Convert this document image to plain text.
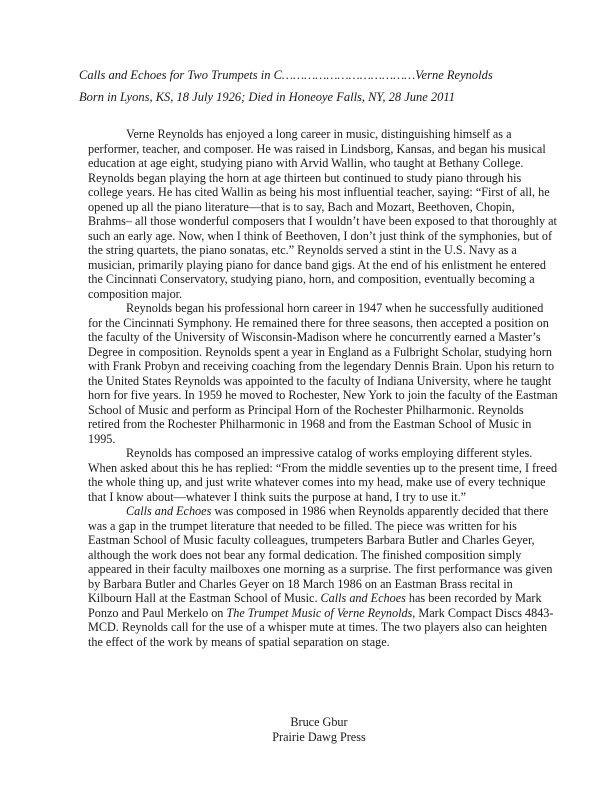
Calls and Echoes for Two Trumpets in C………………………………Verne Reynolds
Born in Lyons, KS, 18 July 1926; Died in Honeoye Falls, NY, 28 June 2011

Verne Reynolds has enjoyed a long career in music, distinguishing himself as a performer, teacher, and composer. He was raised in Lindsborg, Kansas, and began his musical education at age eight, studying piano with Arvid Wallin, who taught at Bethany College. Reynolds began playing the horn at age thirteen but continued to study piano through his college years. He has cited Wallin as being his most influential teacher, saying: “First of all, he opened up all the piano literature—that is to say, Bach and Mozart, Beethoven, Chopin, Brahms– all those wonderful composers that I wouldn’t have been exposed to that thoroughly at such an early age. Now, when I think of Beethoven, I don’t just think of the symphonies, but of the string quartets, the piano sonatas, etc.” Reynolds served a stint in the U.S. Navy as a musician, primarily playing piano for dance band gigs. At the end of his enlistment he entered the Cincinnati Conservatory, studying piano, horn, and composition, eventually becoming a composition major.

Reynolds began his professional horn career in 1947 when he successfully auditioned for the Cincinnati Symphony. He remained there for three seasons, then accepted a position on the faculty of the University of Wisconsin-Madison where he concurrently earned a Master’s Degree in composition. Reynolds spent a year in England as a Fulbright Scholar, studying horn with Frank Probyn and receiving coaching from the legendary Dennis Brain. Upon his return to the United States Reynolds was appointed to the faculty of Indiana University, where he taught horn for five years. In 1959 he moved to Rochester, New York to join the faculty of the Eastman School of Music and perform as Principal Horn of the Rochester Philharmonic. Reynolds retired from the Rochester Philharmonic in 1968 and from the Eastman School of Music in 1995.

Reynolds has composed an impressive catalog of works employing different styles. When asked about this he has replied: “From the middle seventies up to the present time, I freed the whole thing up, and just write whatever comes into my head, make use of every technique that I know about—whatever I think suits the purpose at hand, I try to use it.”

Calls and Echoes was composed in 1986 when Reynolds apparently decided that there was a gap in the trumpet literature that needed to be filled. The piece was written for his Eastman School of Music faculty colleagues, trumpeters Barbara Butler and Charles Geyer, although the work does not bear any formal dedication. The finished composition simply appeared in their faculty mailboxes one morning as a surprise. The first performance was given by Barbara Butler and Charles Geyer on 18 March 1986 on an Eastman Brass recital in Kilbourn Hall at the Eastman School of Music. Calls and Echoes has been recorded by Mark Ponzo and Paul Merkelo on The Trumpet Music of Verne Reynolds, Mark Compact Discs 4843-MCD. Reynolds call for the use of a whisper mute at times. The two players also can heighten the effect of the work by means of spatial separation on stage.

Bruce Gbur
Prairie Dawg Press
